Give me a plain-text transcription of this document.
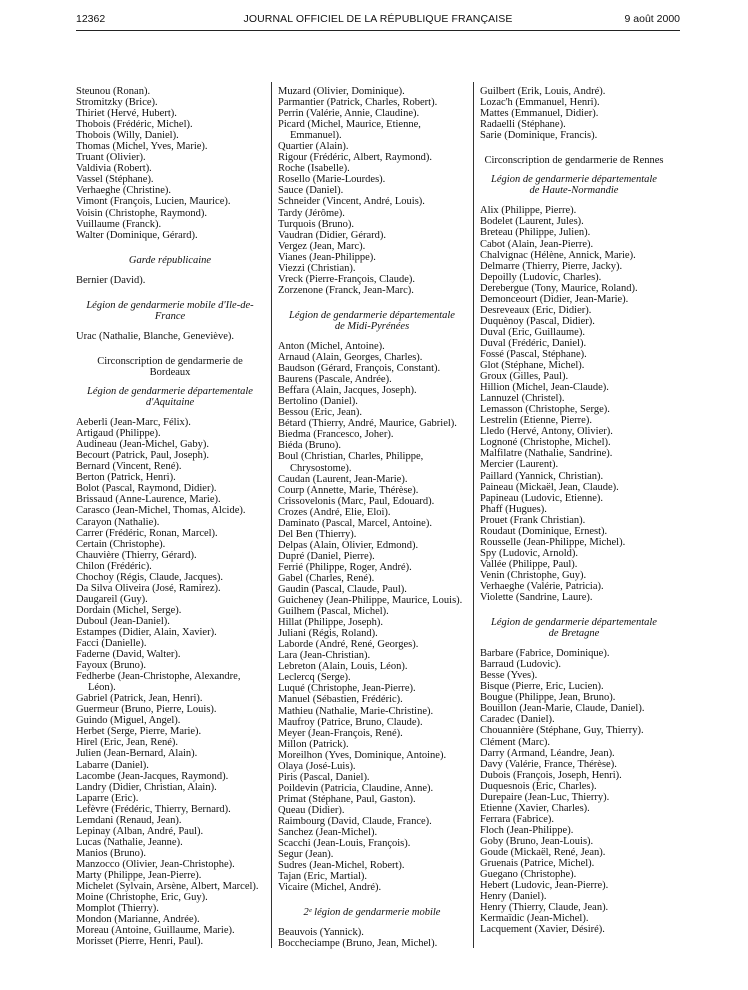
12362	JOURNAL OFFICIEL DE LA RÉPUBLIQUE FRANÇAISE	9 août 2000
Steunou (Ronan).
Stromitzky (Brice).
Thiriet (Hervé, Hubert).
Thobois (Frédéric, Michel).
Thobois (Willy, Daniel).
Thomas (Michel, Yves, Marie).
Truant (Olivier).
Valdivia (Robert).
Vassel (Stéphane).
Verhaeghe (Christine).
Vimont (François, Lucien, Maurice).
Voisin (Christophe, Raymond).
Vuillaume (Franck).
Walter (Dominique, Gérard).
Garde républicaine
Bernier (David).
Légion de gendarmerie mobile d'Ile-de-France
Urac (Nathalie, Blanche, Geneviève).
Circonscription de gendarmerie de Bordeaux
Légion de gendarmerie départementale d'Aquitaine
Aeberli (Jean-Marc, Félix).
Artigaud (Philippe).
Audineau (Jean-Michel, Gaby).
Becourt (Patrick, Paul, Joseph).
Bernard (Vincent, René).
Berton (Patrick, Henri).
Bolot (Pascal, Raymond, Didier).
Brissaud (Anne-Laurence, Marie).
Carasco (Jean-Michel, Thomas, Alcide).
Carayon (Nathalie).
Carrer (Frédéric, Ronan, Marcel).
Certain (Christophe).
Chauvière (Thierry, Gérard).
Chilon (Frédéric).
Chochoy (Régis, Claude, Jacques).
Da Silva Oliveira (José, Ramirez).
Daugareil (Guy).
Dordain (Michel, Serge).
Duboul (Jean-Daniel).
Estampes (Didier, Alain, Xavier).
Facci (Danielle).
Faderne (David, Walter).
Fayoux (Bruno).
Fedherbe (Jean-Christophe, Alexandre, Léon).
Gabriel (Patrick, Jean, Henri).
Guermeur (Bruno, Pierre, Louis).
Guindo (Miguel, Angel).
Herbet (Serge, Pierre, Marie).
Hirel (Eric, Jean, René).
Julien (Jean-Bernard, Alain).
Labarre (Daniel).
Lacombe (Jean-Jacques, Raymond).
Landry (Didier, Christian, Alain).
Laparre (Eric).
Lefèvre (Frédéric, Thierry, Bernard).
Lemdani (Renaud, Jean).
Lepinay (Alban, André, Paul).
Lucas (Nathalie, Jeanne).
Manios (Bruno).
Manzocco (Olivier, Jean-Christophe).
Marty (Philippe, Jean-Pierre).
Michelet (Sylvain, Arsène, Albert, Marcel).
Moine (Christophe, Eric, Guy).
Momplot (Thierry).
Mondon (Marianne, Andrée).
Moreau (Antoine, Guillaume, Marie).
Morisset (Pierre, Henri, Paul).
Muzard (Olivier, Dominique).
Parmantier (Patrick, Charles, Robert).
Perrin (Valérie, Annie, Claudine).
Picard (Michel, Maurice, Etienne, Emmanuel).
Quartier (Alain).
Rigour (Frédéric, Albert, Raymond).
Roche (Isabelle).
Rosello (Marie-Lourdes).
Sauce (Daniel).
Schneider (Vincent, André, Louis).
Tardy (Jérôme).
Turquois (Bruno).
Vaudran (Didier, Gérard).
Vergez (Jean, Marc).
Vianes (Jean-Philippe).
Viezzi (Christian).
Vreck (Pierre-François, Claude).
Zorzenone (Franck, Jean-Marc).
Légion de gendarmerie départementale de Midi-Pyrénées
Anton (Michel, Antoine).
Arnaud (Alain, Georges, Charles).
Baudson (Gérard, François, Constant).
Baurens (Pascale, Andrée).
Beffara (Alain, Jacques, Joseph).
Bertolino (Daniel).
Bessou (Eric, Jean).
Bétard (Thierry, André, Maurice, Gabriel).
Biedma (Francesco, Joher).
Biéda (Bruno).
Boul (Christian, Charles, Philippe, Chrysostome).
Caudan (Laurent, Jean-Marie).
Courp (Annette, Marie, Thérèse).
Crissovelonis (Marc, Paul, Edouard).
Crozes (André, Elie, Eloi).
Daminato (Pascal, Marcel, Antoine).
Del Ben (Thierry).
Delpas (Alain, Olivier, Edmond).
Dupré (Daniel, Pierre).
Ferrié (Philippe, Roger, André).
Gabel (Charles, René).
Gaudin (Pascal, Claude, Paul).
Guicheney (Jean-Philippe, Maurice, Louis).
Guilhem (Pascal, Michel).
Hillat (Philippe, Joseph).
Juliani (Régis, Roland).
Laborde (André, René, Georges).
Lara (Jean-Christian).
Lebreton (Alain, Louis, Léon).
Leclercq (Serge).
Luqué (Christophe, Jean-Pierre).
Manuel (Sébastien, Frédéric).
Mathieu (Nathalie, Marie-Christine).
Maufroy (Patrice, Bruno, Claude).
Meyer (Jean-François, René).
Millon (Patrick).
Moreilhon (Yves, Dominique, Antoine).
Olaya (José-Luis).
Piris (Pascal, Daniel).
Poildevin (Patricia, Claudine, Anne).
Primat (Stéphane, Paul, Gaston).
Queau (Didier).
Raimbourg (David, Claude, France).
Sanchez (Jean-Michel).
Scacchi (Jean-Louis, François).
Segur (Jean).
Sudres (Jean-Michel, Robert).
Tajan (Eric, Martial).
Vicaire (Michel, André).
2ᵉ légion de gendarmerie mobile
Beauvois (Yannick).
Boccheciampe (Bruno, Jean, Michel).
Guilbert (Erik, Louis, André).
Lozac'h (Emmanuel, Henri).
Mattes (Emmanuel, Didier).
Radaelli (Stéphane).
Sarie (Dominique, Francis).
Circonscription de gendarmerie de Rennes
Légion de gendarmerie départementale de Haute-Normandie
Alix (Philippe, Pierre).
Bodelet (Laurent, Jules).
Breteau (Philippe, Julien).
Cabot (Alain, Jean-Pierre).
Chalvignac (Hélène, Annick, Marie).
Delmarre (Thierry, Pierre, Jacky).
Depoilly (Ludovic, Charles).
Derebergue (Tony, Maurice, Roland).
Demonceourt (Didier, Jean-Marie).
Desreveaux (Eric, Didier).
Duquènoy (Pascal, Didier).
Duval (Eric, Guillaume).
Duval (Frédéric, Daniel).
Fossé (Pascal, Stéphane).
Glot (Stéphane, Michel).
Groux (Gilles, Paul).
Hillion (Michel, Jean-Claude).
Lannuzel (Christel).
Lemasson (Christophe, Serge).
Lestrelin (Etienne, Pierre).
Lledo (Hervé, Antony, Olivier).
Lognoné (Christophe, Michel).
Malfilatre (Nathalie, Sandrine).
Mercier (Laurent).
Paillard (Yannick, Christian).
Paineau (Mickaël, Jean, Claude).
Papineau (Ludovic, Etienne).
Phaff (Hugues).
Prouet (Frank Christian).
Roudaut (Dominique, Ernest).
Rousselle (Jean-Philippe, Michel).
Spy (Ludovic, Arnold).
Vallée (Philippe, Paul).
Venin (Christophe, Guy).
Verhaeghe (Valérie, Patricia).
Violette (Sandrine, Laure).
Légion de gendarmerie départementale de Bretagne
Barbare (Fabrice, Dominique).
Barraud (Ludovic).
Besse (Yves).
Bisque (Pierre, Eric, Lucien).
Bougue (Philippe, Jean, Bruno).
Bouillon (Jean-Marie, Claude, Daniel).
Caradec (Daniel).
Chouannière (Stéphane, Guy, Thierry).
Clément (Marc).
Darry (Armand, Léandre, Jean).
Davy (Valérie, France, Thérèse).
Dubois (François, Joseph, Henri).
Duquesnois (Eric, Charles).
Durepaire (Jean-Luc, Thierry).
Etienne (Xavier, Charles).
Ferrara (Fabrice).
Floch (Jean-Philippe).
Goby (Bruno, Jean-Louis).
Goude (Mickaël, René, Jean).
Gruenais (Patrice, Michel).
Guegano (Christophe).
Hebert (Ludovic, Jean-Pierre).
Henry (Daniel).
Henry (Thierry, Claude, Jean).
Kermaïdic (Jean-Michel).
Lacquement (Xavier, Désiré).
